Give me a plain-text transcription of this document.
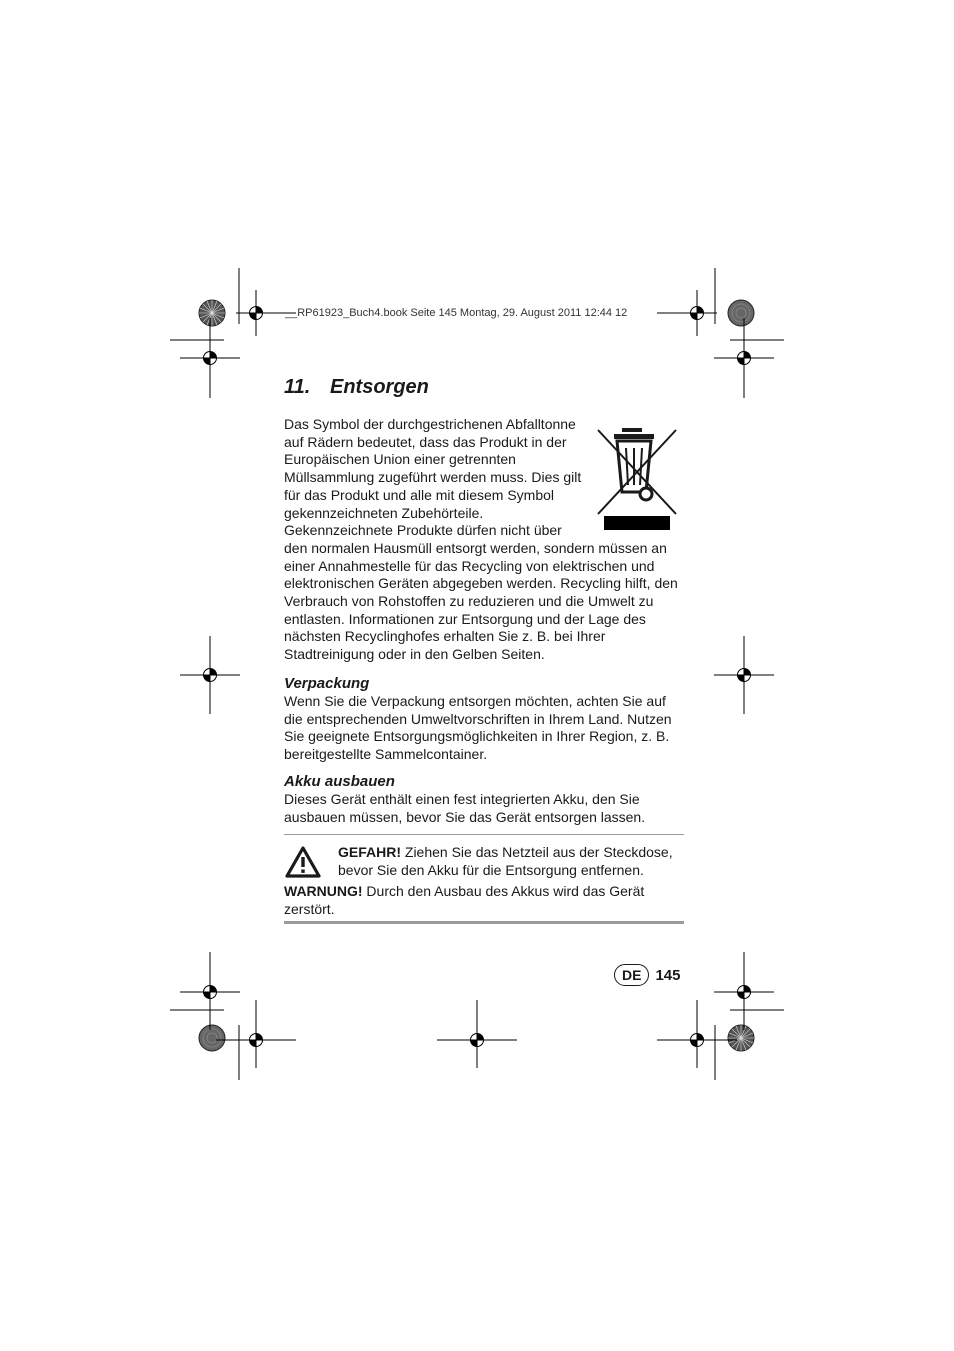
__RP61923_Buch4.book Seite 145 Montag, 29. August 2011 12:44 12
11. Entsorgen

Das Symbol der durchgestrichenen Abfalltonne auf Rädern bedeutet, dass das Produkt in der Europäischen Union einer getrennten Müllsammlung zugeführt werden muss. Dies gilt für das Produkt und alle mit diesem Symbol gekennzeichneten Zubehörteile. Gekennzeichnete Produkte dürfen nicht über den normalen Hausmüll entsorgt werden, sondern müssen an einer Annahmestelle für das Recycling von elektrischen und elektronischen Geräten abgegeben werden. Recycling hilft, den Verbrauch von Rohstoffen zu reduzieren und die Umwelt zu entlasten. Informationen zur Entsorgung und der Lage des nächsten Recyclinghofes erhalten Sie z. B. bei Ihrer Stadtreinigung oder in den Gelben Seiten.

Verpackung

Wenn Sie die Verpackung entsorgen möchten, achten Sie auf die entsprechenden Umweltvorschriften in Ihrem Land. Nutzen Sie geeignete Entsorgungsmöglichkeiten in Ihrer Region, z. B. bereitgestellte Sammelcontainer.

Akku ausbauen

Dieses Gerät enthält einen fest integrierten Akku, den Sie ausbauen müssen, bevor Sie das Gerät entsorgen lassen.

GEFAHR! Ziehen Sie das Netzteil aus der Steckdose, bevor Sie den Akku für die Entsorgung entfernen.
WARNUNG! Durch den Ausbau des Akkus wird das Gerät zerstört.
DE 145
